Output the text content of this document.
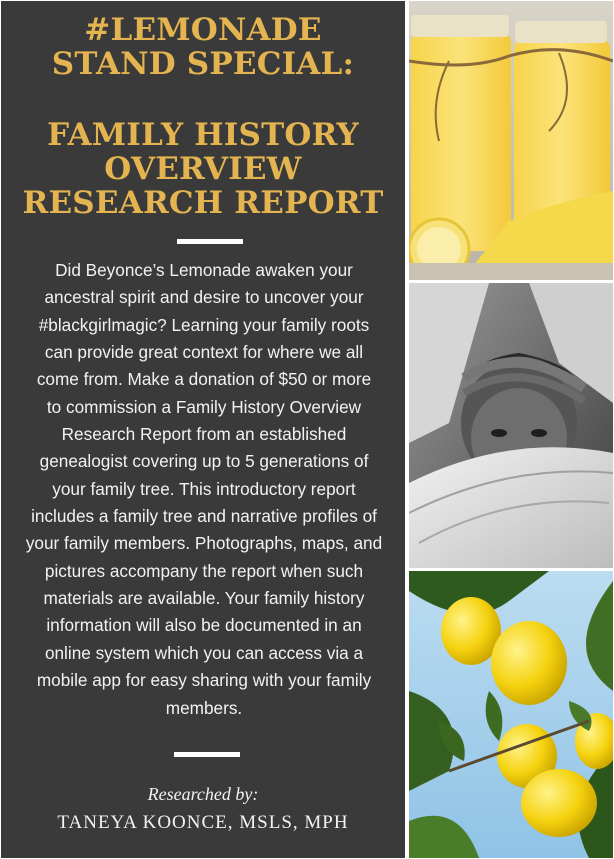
#LEMONADE
STAND SPECIAL:
FAMILY HISTORY
OVERVIEW
RESEARCH REPORT
Did Beyonce’s Lemonade awaken your
ancestral spirit and desire to uncover your
#blackgirlmagic? Learning your family roots
can provide great context for where we all
come from. Make a donation of $50 or more
to commission a Family History Overview
Research Report from an established
genealogist covering up to 5 generations of
your family tree. This introductory report
includes a family tree and narrative profiles of
your family members. Photographs, maps, and
pictures accompany the report when such
materials are available. Your family history
information will also be documented in an
online system which you can access via a
mobile app for easy sharing with your family
members.
Researched by:
TANEYA KOONCE, MSLS, MPH
